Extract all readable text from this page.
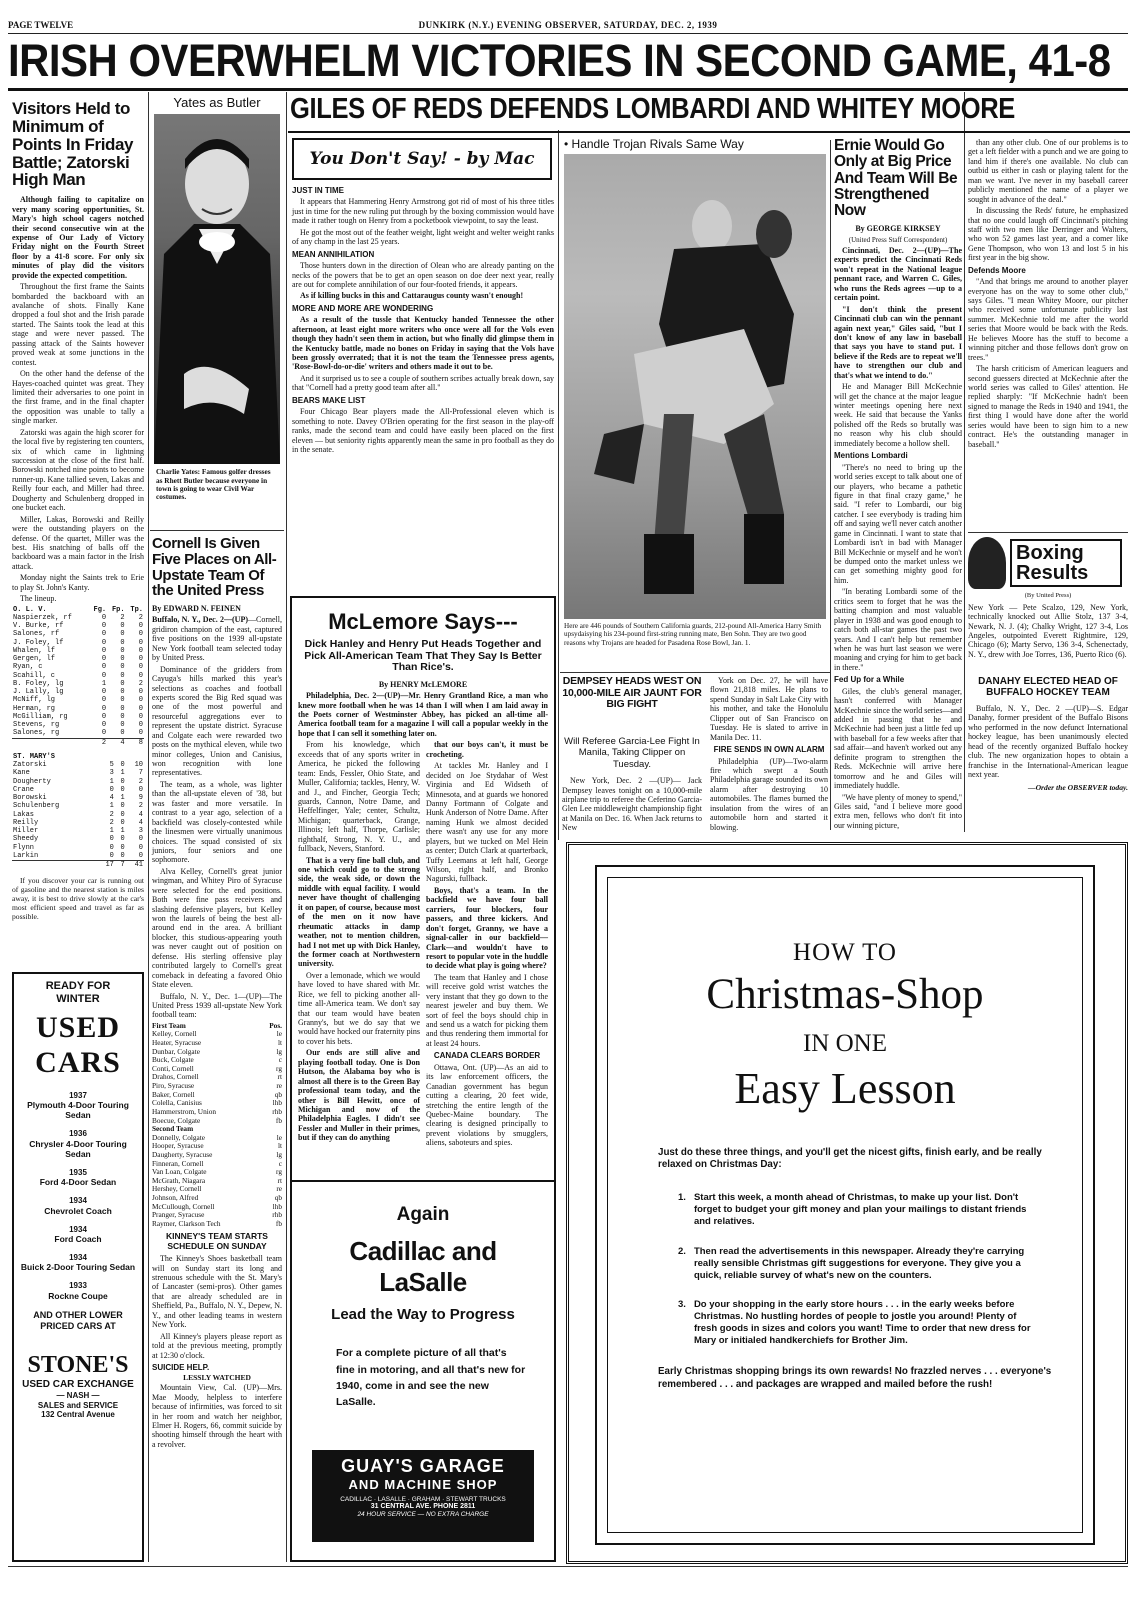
PAGE TWELVE	DUNKIRK (N.Y.) EVENING OBSERVER, SATURDAY, DEC. 2, 1939
IRISH OVERWHELM VICTORIES IN SECOND GAME, 41-8
Visitors Held to Minimum of Points In Friday Battle; Zatorski High Man

Although failing to capitalize on very many scoring opportunities, St. Mary's high school cagers notched their second consecutive win at the expense of Our Lady of Victory Friday night on the Fourth Street floor by a 41-8 score. For only six minutes of play did the visitors provide the expected competition.

Throughout the first frame the Saints bombarded the backboard with an avalanche of shots. Finally Kane dropped a foul shot and the Irish parade started. The Saints took the lead at this stage and were never passed. The passing attack of the Saints however proved weak at some junctions in the contest.

On the other hand the defense of the Hayes-coached quintet was great. They limited their adversaries to one point in the first frame, and in the final chapter the opposition was unable to tally a single marker.

Zatorski was again the high scorer for the local five by registering ten counters, six of which came in lightning succession at the close of the first half. Borowski notched nine points to become runner-up. Kane tallied seven, Lakas and Reilly four each, and Miller had three. Dougherty and Schulenberg dropped in one bucket each.

Miller, Lakas, Borowski and Reilly were the outstanding players on the defense. Of the quartet, Miller was the best. His snatching of balls off the backboard was a main factor in the Irish attack.

Monday night the Saints trek to Erie to play St. John's Kanty.

The lineup.

O. L. V.	Fg.	Fp.	Tp.
Naspierzek, rf	0	2	2
V. Burke, rf	0	0	0
Salones, rf	0	0	0
J. Foley, lf	0	0	0
Whalen, lf	0	0	0
Gergen, lf	0	0	0
Ryan, c	0	0	0
Scahill, c	0	0	0
B. Foley, lg	1	0	2
J. Lally, lg	0	0	0
McNiff, lg	0	0	0
Herman, rg	0	0	0
McGilliam, rg	0	0	0
Stevens, rg	0	0	0
Salones, rg	0	0	0
	2	4	8
ST. MARY'S			
Zatorski	5	0	10
Kane	3	1	7
Dougherty	1	0	2
Crane	0	0	0
Borowski	4	1	9
Schulenberg	1	0	2
Lakas	2	0	4
Reilly	2	0	4
Miller	1	1	3
Sheedy	0	0	0
Flynn	0	0	0
Larkin	0	0	0
	17	7	41

If you discover your car is running out of gasoline and the nearest station is miles away, it is best to drive slowly at the car's most efficient speed and travel as far as possible.

READY FOR
WINTER
USED
CARS
1937
Plymouth 4-Door Touring Sedan
1936
Chrysler 4-Door Touring Sedan
1935
Ford 4-Door Sedan
1934
Chevrolet Coach
1934
Ford Coach
1934
Buick 2-Door Touring Sedan
1933
Rockne Coupe
AND OTHER LOWER PRICED CARS AT
STONE'S
USED CAR EXCHANGE
— NASH —
SALES and SERVICE
132 Central Avenue
Yates as Butler
Charlie Yates: Famous golfer dresses as Rhett Butler because everyone in town is going to wear Civil War costumes.
Cornell Is Given Five Places on All-Upstate Team Of the United Press
By EDWARD N. FEINEN

Buffalo, N. Y., Dec. 2—(UP)—Cornell, gridiron champion of the east, captured five positions on the 1939 all-upstate New York football team selected today by United Press.

Dominance of the gridders from Cayuga's hills marked this year's selections as coaches and football experts scored the Big Red squad was one of the most powerful and resourceful aggregations ever to represent the upstate district. Syracuse and Colgate each were rewarded two posts on the mythical eleven, while two minor colleges, Union and Canisius, won recognition with lone representatives.

The team, as a whole, was lighter than the all-upstate eleven of '38, but was faster and more versatile. In contrast to a year ago, selection of a backfield was closely-contested while the linesmen were virtually unanimous choices. The squad consisted of six juniors, four seniors and one sophomore.

Alva Kelley, Cornell's great junior wingman, and Whitey Piro of Syracuse were selected for the end positions. Both were fine pass receivers and slashing defensive players, but Kelley won the laurels of being the best all-around end in the area. A brilliant blocker, this studious-appearing youth was never caught out of position on defense. His sterling offensive play contributed largely to Cornell's great comeback in defeating a favored Ohio State eleven.

Buffalo, N. Y., Dec. 1—(UP)—The United Press 1939 all-upstate New York football team:

First Team	Pos.
Kelley, Cornell	le
Heater, Syracuse	lt
Dunbar, Colgate	lg
Buck, Colgate	c
Conti, Cornell	rg
Drahos, Cornell	rt
Piro, Syracuse	re
Baker, Cornell	qb
Colella, Canisius	lhb
Hammerstrom, Union	rhb
Boecue, Colgate	fb
Second Team
Donnelly, Colgate	le
Hooper, Syracuse	lt
Daugherty, Syracuse	lg
Finneran, Cornell	c
Van Loan, Colgate	rg
McGrath, Niagara	rt
Hershey, Cornell	re
Johnson, Alfred	qb
McCullough, Cornell	lhb
Pranger, Syracuse	rhb
Raymer, Clarkson Tech	fb
KINNEY'S TEAM STARTS SCHEDULE ON SUNDAY

The Kinney's Shoes basketball team will on Sunday start its long and strenuous schedule with the St. Mary's of Lancaster (semi-pros). Other games that are already scheduled are in Sheffield, Pa., Buffalo, N. Y., Depew, N. Y., and other leading teams in western New York.

All Kinney's players please report as told at the previous meeting, promptly at 12:30 o'clock.

SUICIDE HELP.
LESSLY WATCHED

Mountain View, Cal. (UP)—Mrs. Mae Moody, helpless to interfere because of infirmities, was forced to sit in her room and watch her neighbor, Elmer H. Rogers, 66, commit suicide by shooting himself through the heart with a revolver.

GILES OF REDS DEFENDS LOMBARDI AND WHITEY MOORE
You Don't Say! - by Mac
JUST IN TIME

It appears that Hammering Henry Armstrong got rid of most of his three titles just in time for the new ruling put through by the boxing commission would have made it rather tough on Henry from a pocketbook viewpoint, to say the least.

He got the most out of the feather weight, light weight and welter weight ranks of any champ in the last 25 years.

MEAN ANNIHILATION

Those hunters down in the direction of Olean who are already panting on the necks of the powers that be to get an open season on doe deer next year, really are out for complete annihilation of our four-footed friends, it appears.

As if killing bucks in this and Cattaraugus county wasn't enough!

MORE AND MORE ARE WONDERING

As a result of the tussle that Kentucky handed Tennessee the other afternoon, at least eight more writers who once were all for the Vols even though they hadn't seen them in action, but who finally did glimpse them in the Kentucky battle, made no bones on Friday in saying that the Vols have been grossly overrated; that it is not the team the Tennessee press agents, 'Rose-Bowl-do-or-die' writers and others made it out to be.

And it surprised us to see a couple of southern scribes actually break down, say that "Cornell had a pretty good team after all."

BEARS MAKE LIST

Four Chicago Bear players made the All-Professional eleven which is something to note. Davey O'Brien operating for the first season in the play-off ranks, made the second team and could have easily been placed on the first eleven — but seniority rights apparently mean the same in pro football as they do in the senate.

McLemore Says---
Dick Hanley and Henry Put Heads Together and Pick All-American Team That They Say Is Better Than Rice's.
By HENRY McLEMORE

Philadelphia, Dec. 2—(UP)—Mr. Henry Grantland Rice, a man who knew more football when he was 14 than I will when I am laid away in the Poets corner of Westminster Abbey, has picked an all-time all-America football team for a magazine I will call a popular weekly in the hope that I can sell it something later on.

From his knowledge, which exceeds that of any sports writer in America, he picked the following team: Ends, Fessler, Ohio State, and Muller, California; tackles, Henry, W. and J., and Fincher, Georgia Tech; guards, Cannon, Notre Dame, and Heffelfinger, Yale; center, Schultz, Michigan; quarterback, Grange, Illinois; left half, Thorpe, Carlisle; righthalf, Strong, N. Y. U., and fullback, Nevers, Stanford.

That is a very fine ball club, and one which could go to the strong side, the weak side, or down the middle with equal facility. I would never have thought of challenging it on paper, of course, because most of the men on it now have rheumatic attacks in damp weather, not to mention children, had I not met up with Dick Hanley, the former coach at Northwestern university.

Over a lemonade, which we would have loved to have shared with Mr. Rice, we fell to picking another all-time all-America team. We don't say that our team would have beaten Granny's, but we do say that we would have hocked our fraternity pins to cover his bets.

Our ends are still alive and playing football today. One is Don Hutson, the Alabama boy who is almost all there is to the Green Bay professional team today, and the other is Bill Hewitt, once of Michigan and now of the Philadelphia Eagles. I didn't see Fessler and Muller in their primes, but if they can do anything

that our boys can't, it must be crocheting.

At tackles Mr. Hanley and I decided on Joe Stydahar of West Virginia and Ed Widseth of Minnesota, and at guards we honored Danny Fortmann of Colgate and Hunk Anderson of Notre Dame. After naming Hunk we almost decided there wasn't any use for any more players, but we tucked on Mel Hein as center; Dutch Clark at quarterback, Tuffy Leemans at left half, George Wilson, right half, and Bronko Nagurski, fullback.

Boys, that's a team. In the backfield we have four ball carriers, four blockers, four passers, and three kickers. And don't forget, Granny, we have a signal-caller in our backfield—Clark—and wouldn't have to resort to popular vote in the huddle to decide what play is going where?

The team that Hanley and I chose will receive gold wrist watches the very instant that they go down to the nearest jeweler and buy them. We sort of feel the boys should chip in and send us a watch for picking them and thus rendering them immortal for at least 24 hours.

CANADA CLEARS BORDER

Ottawa, Ont. (UP)—As an aid to its law enforcement officers, the Canadian government has begun cutting a clearing, 20 feet wide, stretching the entire length of the Quebec-Maine boundary. The clearing is designed principally to prevent violations by smugglers, aliens, saboteurs and spies.

Again
Cadillac and LaSalle
Lead the Way to Progress
For a complete picture of all that's fine in motoring, and all that's new for 1940, come in and see the new LaSalle.
GUAY'S GARAGE
AND MACHINE SHOP
CADILLAC · LASALLE · GRAHAM · STEWART TRUCKS
31 CENTRAL AVE. PHONE 2811
24 HOUR SERVICE — NO EXTRA CHARGE
• Handle Trojan Rivals Same Way
Here are 446 pounds of Southern California guards, 212-pound All-America Harry Smith upsydaisying his 234-pound first-string running mate, Ben Sohn. They are two good reasons why Trojans are headed for Pasadena Rose Bowl, Jan. 1.
DEMPSEY HEADS WEST ON 10,000-MILE AIR JAUNT FOR BIG FIGHT

York on Dec. 27, he will have flown 21,818 miles. He plans to spend Sunday in Salt Lake City with his mother, and take the Honolulu Clipper out of San Francisco on Tuesday. He is slated to arrive in Manila Dec. 11.

FIRE SENDS IN OWN ALARM

Philadelphia (UP)—Two-alarm fire which swept a South Philadelphia garage sounded its own alarm after destroying 10 automobiles. The flames burned the insulation from the wires of an automobile horn and started it blowing.

Will Referee Garcia-Lee Fight In Manila, Taking Clipper on Tuesday.

New York, Dec. 2 —(UP)— Jack Dempsey leaves tonight on a 10,000-mile airplane trip to referee the Ceferino Garcia-Glen Lee middleweight championship fight at Manila on Dec. 16. When Jack returns to New

Ernie Would Go Only at Big Price And Team Will Be Strengthened Now
By GEORGE KIRKSEY
(United Press Staff Correspondent)

Cincinnati, Dec. 2—(UP)—The experts predict the Cincinnati Reds won't repeat in the National league pennant race, and Warren C. Giles, who runs the Reds agrees —up to a certain point.

"I don't think the present Cincinnati club can win the pennant again next year," Giles said, "but I don't know of any law in baseball that says you have to stand put. I believe if the Reds are to repeat we'll have to strengthen our club and that's what we intend to do."

He and Manager Bill McKechnie will get the chance at the major league winter meetings opening here next week. He said that because the Yanks polished off the Reds so brutally was no reason why his club should immediately become a hollow shell.

Mentions Lombardi

"There's no need to bring up the world series except to talk about one of our players, who became a pathetic figure in that final crazy game," he said. "I refer to Lombardi, our big catcher. I see everybody is trading him off and saying we'll never catch another game in Cincinnati. I want to state that Lombardi isn't in bad with Manager Bill McKechnie or myself and he won't be dumped onto the market unless we can get something mighty good for him.

"In berating Lombardi some of the critics seem to forget that he was the batting champion and most valuable player in 1938 and was good enough to catch both all-star games the past two years. And I can't help but remember when he was hurt last season we were moaning and crying for him to get back in there."

Fed Up for a While

Giles, the club's general manager, hasn't conferred with Manager McKechnie since the world series—and added in passing that he and McKechnie had been just a little fed up with baseball for a few weeks after that sad affair—and haven't worked out any definite program to strengthen the Reds. McKechnie will arrive here tomorrow and he and Giles will immediately huddle.

"We have plenty of money to spend," Giles said, "and I believe more good extra men, fellows who don't fit into our winning picture,

than any other club. One of our problems is to get a left fielder with a punch and we are going to land him if there's one available. No club can outbid us either in cash or playing talent for the man we want. I've never in my baseball career publicly mentioned the name of a player we sought in advance of the deal."

In discussing the Reds' future, he emphasized that no one could laugh off Cincinnati's pitching staff with two men like Derringer and Walters, who won 52 games last year, and a comer like Gene Thompson, who won 13 and lost 5 in his first year in the big show.

Defends Moore

"And that brings me around to another player everyone has on the way to some other club," says Giles. "I mean Whitey Moore, our pitcher who received some unfortunate publicity last summer. McKechnie told me after the world series that Moore would be back with the Reds. He believes Moore has the stuff to become a winning pitcher and those fellows don't grow on trees."

The harsh criticism of American leaguers and second guessers directed at McKechnie after the world series was called to Giles' attention. He replied sharply: "If McKechnie hadn't been signed to manage the Reds in 1940 and 1941, the first thing I would have done after the world series would have been to sign him to a new contract. He's the outstanding manager in baseball."

Boxing Results
(By United Press)

New York — Pete Scalzo, 129, New York, technically knocked out Allie Stolz, 137 3-4, Newark, N. J. (4); Chalky Wright, 127 3-4, Los Angeles, outpointed Everett Rightmire, 129, Chicago (6); Marty Servo, 136 3-4, Schenectady, N. Y., drew with Joe Torres, 136, Puerto Rico (6).

DANAHY ELECTED HEAD OF BUFFALO HOCKEY TEAM

Buffalo, N. Y., Dec. 2 —(UP)—S. Edgar Danahy, former president of the Buffalo Bisons who performed in the now defunct International hockey league, has been unanimously elected head of the recently organized Buffalo hockey club. The new organization hopes to obtain a franchise in the International-American league next year.

—Order the OBSERVER today.
HOW TO
Christmas-Shop
IN ONE
Easy Lesson
Just do these three things, and you'll get the nicest gifts, finish early, and be really relaxed on Christmas Day:
1. Start this week, a month ahead of Christmas, to make up your list. Don't forget to budget your gift money and plan your mailings to distant friends and relatives.
2. Then read the advertisements in this newspaper. Already they're carrying really sensible Christmas gift suggestions for everyone. They give you a quick, reliable survey of what's new on the counters.
3. Do your shopping in the early store hours . . . in the early weeks before Christmas. No hustling hordes of people to jostle you around! Plenty of fresh goods in sizes and colors you want! Time to order that new dress for Mary or initialed handkerchiefs for Brother Jim.
Early Christmas shopping brings its own rewards! No frazzled nerves . . . everyone's remembered . . . and packages are wrapped and mailed before the rush!
